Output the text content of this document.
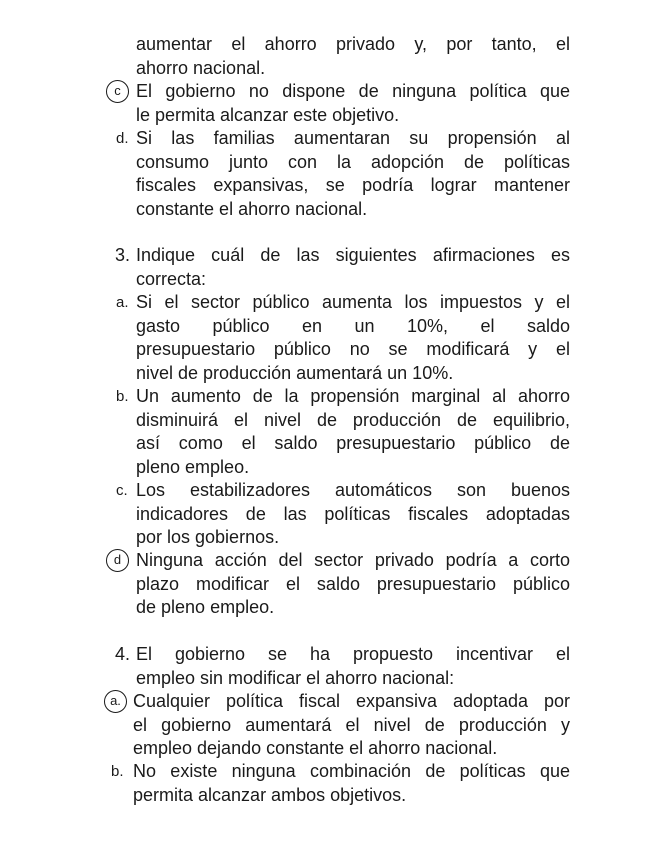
aumentar el ahorro privado y, por tanto, el
ahorro nacional.
c El gobierno no dispone de ninguna política que
le permita alcanzar este objetivo.
d. Si las familias aumentaran su propensión al
consumo junto con la adopción de políticas
fiscales expansivas, se podría lograr mantener
constante el ahorro nacional.
3. Indique cuál de las siguientes afirmaciones es
correcta:
a. Si el sector público aumenta los impuestos y el
gasto público en un 10%, el saldo
presupuestario público no se modificará y el
nivel de producción aumentará un 10%.
b. Un aumento de la propensión marginal al ahorro
disminuirá el nivel de producción de equilibrio,
así como el saldo presupuestario público de
pleno empleo.
c. Los estabilizadores automáticos son buenos
indicadores de las políticas fiscales adoptadas
por los gobiernos.
d Ninguna acción del sector privado podría a corto
plazo modificar el saldo presupuestario público
de pleno empleo.
4. El gobierno se ha propuesto incentivar el
empleo sin modificar el ahorro nacional:
a. Cualquier política fiscal expansiva adoptada por
el gobierno aumentará el nivel de producción y
empleo dejando constante el ahorro nacional.
b. No existe ninguna combinación de políticas que
permita alcanzar ambos objetivos.
